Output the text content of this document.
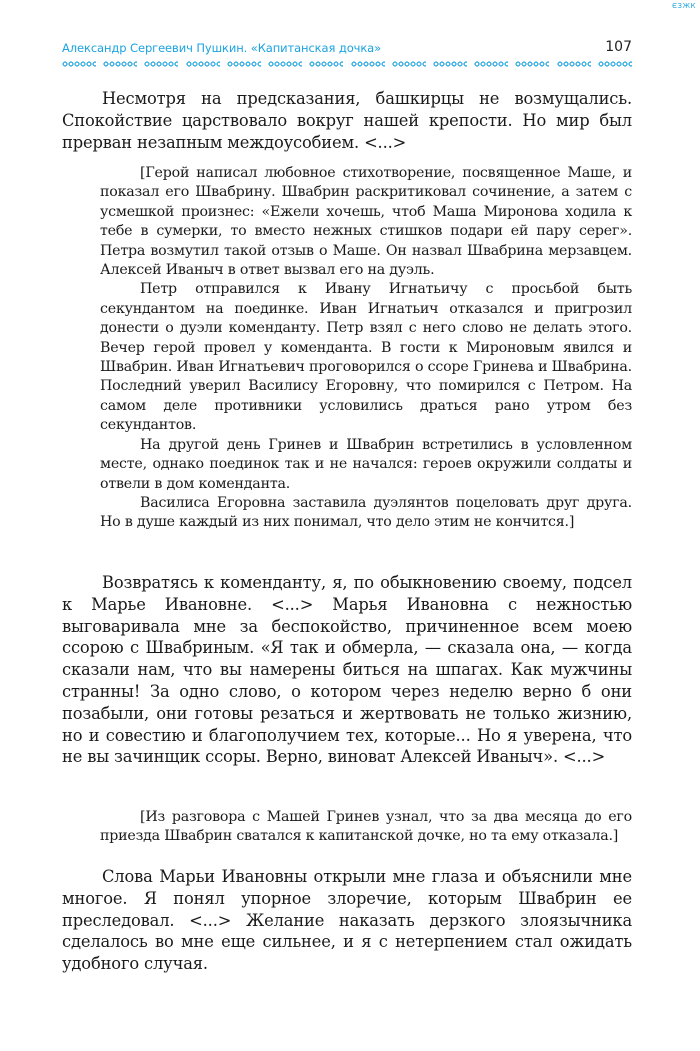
ЄЗЖК
Александр Сергеевич Пушкин. «Капитанская дочка»	107

Несмотря на предсказания, башкирцы не возмущались. Спокойствие царствовало вокруг нашей крепости. Но мир был прерван незапным междоусобием. <...>

[Герой написал любовное стихотворение, посвященное Маше, и показал его Швабрину. Швабрин раскритиковал сочинение, а затем с усмешкой произнес: «Ежели хочешь, чтоб Маша Миронова ходила к тебе в сумерки, то вместо нежных стишков подари ей пару серег». Петра возмутил такой отзыв о Маше. Он назвал Швабрина мерзавцем. Алексей Иваныч в ответ вызвал его на дуэль.

Петр отправился к Ивану Игнатьичу с просьбой быть секундантом на поединке. Иван Игнатьич отказался и пригрозил донести о дуэли коменданту. Петр взял с него слово не делать этого. Вечер герой провел у коменданта. В гости к Мироновым явился и Швабрин. Иван Игнатьевич проговорился о ссоре Гринева и Швабрина. Последний уверил Василису Егоровну, что помирился с Петром. На самом деле противники условились драться рано утром без секундантов.

На другой день Гринев и Швабрин встретились в условленном месте, однако поединок так и не начался: героев окружили солдаты и отвели в дом коменданта.

Василиса Егоровна заставила дуэлянтов поцеловать друг друга. Но в душе каждый из них понимал, что дело этим не кончится.]

Возвратясь к коменданту, я, по обыкновению своему, подсел к Марье Ивановне. <...> Марья Ивановна с нежностью выговаривала мне за беспокойство, причиненное всем моею ссорою с Швабриным. «Я так и обмерла, — сказала она, — когда сказали нам, что вы намерены биться на шпагах. Как мужчины странны! За одно слово, о котором через неделю верно б они позабыли, они готовы резаться и жертвовать не только жизнию, но и совестию и благополучием тех, которые... Но я уверена, что не вы зачинщик ссоры. Верно, виноват Алексей Иваныч». <...>

[Из разговора с Машей Гринев узнал, что за два месяца до его приезда Швабрин сватался к капитанской дочке, но та ему отказала.]

Слова Марьи Ивановны открыли мне глаза и объяснили мне многое. Я понял упорное злоречие, которым Швабрин ее преследовал. <...> Желание наказать дерзкого злоязычника сделалось во мне еще сильнее, и я с нетерпением стал ожидать удобного случая.
